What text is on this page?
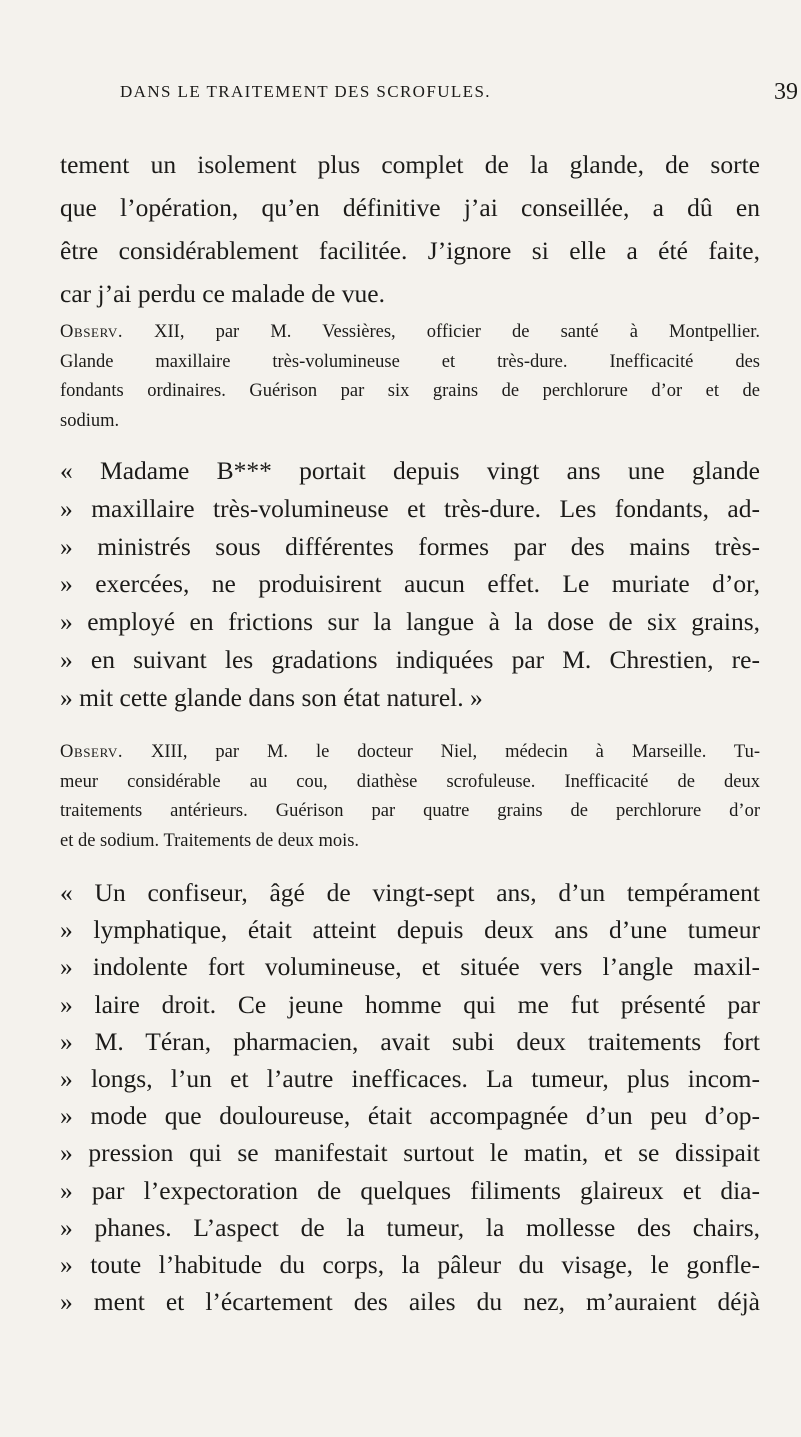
DANS LE TRAITEMENT DES SCROFULES.	39
tement un isolement plus complet de la glande, de sorte
que l’opération, qu’en définitive j’ai conseillée, a dû en
être considérablement facilitée. J’ignore si elle a été faite,
car j’ai perdu ce malade de vue.
Observ. XII, par M. Vessières, officier de santé à Montpellier.
Glande maxillaire très-volumineuse et très-dure. Inefficacité des
fondants ordinaires. Guérison par six grains de perchlorure d’or et de
sodium.
« Madame B*** portait depuis vingt ans une glande
» maxillaire très-volumineuse et très-dure. Les fondants, ad-
» ministrés sous différentes formes par des mains très-
» exercées, ne produisirent aucun effet. Le muriate d’or,
» employé en frictions sur la langue à la dose de six grains,
» en suivant les gradations indiquées par M. Chrestien, re-
» mit cette glande dans son état naturel. »
Observ. XIII, par M. le docteur Niel, médecin à Marseille. Tu-
meur considérable au cou, diathèse scrofuleuse. Inefficacité de deux
traitements antérieurs. Guérison par quatre grains de perchlorure d’or
et de sodium. Traitements de deux mois.
« Un confiseur, âgé de vingt-sept ans, d’un tempérament
» lymphatique, était atteint depuis deux ans d’une tumeur
» indolente fort volumineuse, et située vers l’angle maxil-
» laire droit. Ce jeune homme qui me fut présenté par
» M. Téran, pharmacien, avait subi deux traitements fort
» longs, l’un et l’autre inefficaces. La tumeur, plus incom-
» mode que douloureuse, était accompagnée d’un peu d’op-
» pression qui se manifestait surtout le matin, et se dissipait
» par l’expectoration de quelques filiments glaireux et dia-
» phanes. L’aspect de la tumeur, la mollesse des chairs,
» toute l’habitude du corps, la pâleur du visage, le gonfle-
» ment et l’écartement des ailes du nez, m’auraient déjà
